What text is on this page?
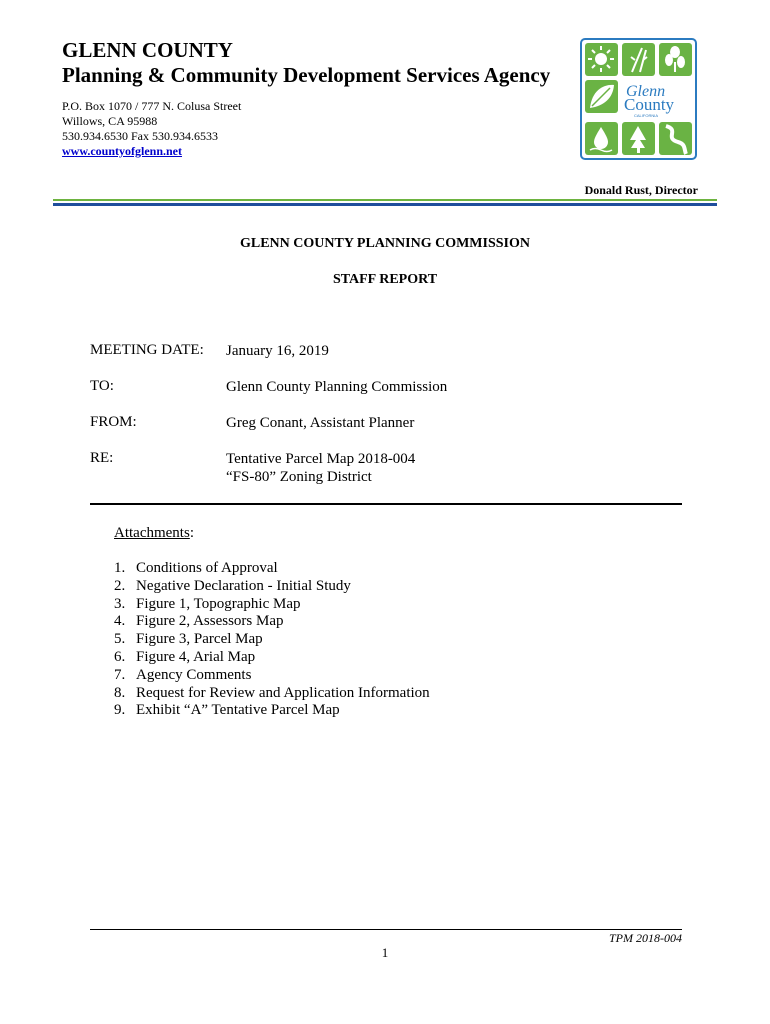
GLENN COUNTY
Planning & Community Development Services Agency
P.O. Box 1070 / 777 N. Colusa Street
Willows, CA 95988
530.934.6530 Fax 530.934.6533
www.countyofglenn.net
Glenn
County
CALIFORNIA
Donald Rust, Director
GLENN COUNTY PLANNING COMMISSION
STAFF REPORT
MEETING DATE: January 16, 2019
TO:	Glenn County Planning Commission
FROM:	Greg Conant, Assistant Planner
RE:	Tentative Parcel Map 2018-004
“FS-80” Zoning District
Attachments:
1. Conditions of Approval
2. Negative Declaration - Initial Study
3. Figure 1, Topographic Map
4. Figure 2, Assessors Map
5. Figure 3, Parcel Map
6. Figure 4, Arial Map
7. Agency Comments
8. Request for Review and Application Information
9. Exhibit “A” Tentative Parcel Map
TPM 2018-004
1
